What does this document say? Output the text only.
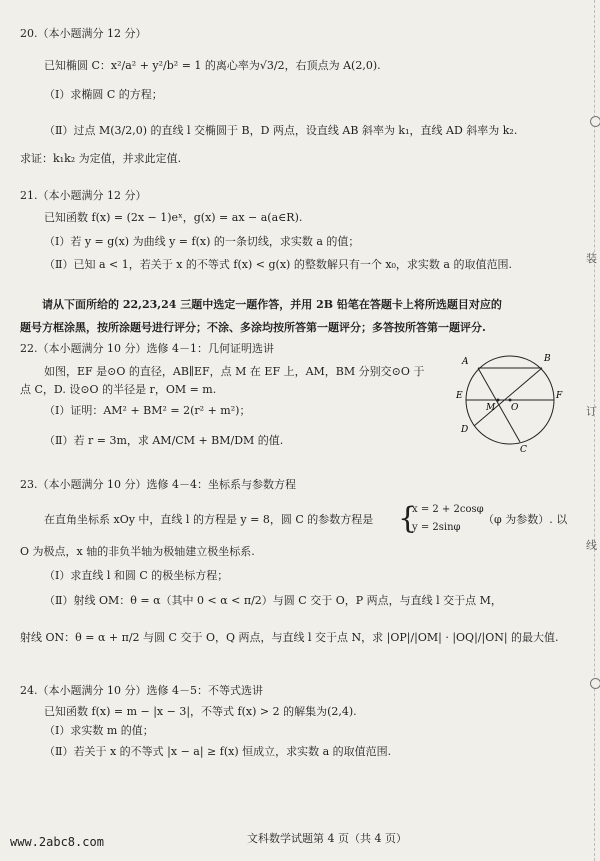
装
订
线
20.（本小题满分 12 分）
已知椭圆 C：x²/a² + y²/b² = 1 的离心率为√3/2，右顶点为 A(2,0).
（Ⅰ）求椭圆 C 的方程；
（Ⅱ）过点 M(3/2,0) 的直线 l 交椭圆于 B，D 两点，设直线 AB 斜率为 k₁，直线 AD 斜率为 k₂.
求证：k₁k₂ 为定值，并求此定值.
21.（本小题满分 12 分）
已知函数 f(x) = (2x − 1)eˣ，g(x) = ax − a(a∈R).
（Ⅰ）若 y = g(x) 为曲线 y = f(x) 的一条切线，求实数 a 的值；
（Ⅱ）已知 a < 1，若关于 x 的不等式 f(x) < g(x) 的整数解只有一个 x₀，求实数 a 的取值范围.
请从下面所给的 22,23,24 三题中选定一题作答，并用 2B 铅笔在答题卡上将所选题目对应的
题号方框涂黑，按所涂题号进行评分；不涂、多涂均按所答第一题评分；多答按所答第一题评分.
22.（本小题满分 10 分）选修 4－1：几何证明选讲
如图，EF 是⊙O 的直径，AB∥EF，点 M 在 EF 上，AM，BM 分别交⊙O 于
点 C，D. 设⊙O 的半径是 r，OM = m.
（Ⅰ）证明：AM² + BM² = 2(r² + m²)；
（Ⅱ）若 r = 3m，求 AM/CM + BM/DM 的值.
A	B
C
D
E	F
M O
23.（本小题满分 10 分）选修 4－4：坐标系与参数方程
在直角坐标系 xOy 中，直线 l 的方程是 y = 8，圆 C 的参数方程是 {
x = 2 + 2cosφ
y = 2sinφ
（φ 为参数）. 以
O 为极点，x 轴的非负半轴为极轴建立极坐标系.
（Ⅰ）求直线 l 和圆 C 的极坐标方程；
（Ⅱ）射线 OM：θ = α（其中 0 < α < π/2）与圆 C 交于 O，P 两点，与直线 l 交于点 M，
射线 ON：θ = α + π/2 与圆 C 交于 O，Q 两点，与直线 l 交于点 N，求 |OP|/|OM| · |OQ|/|ON| 的最大值.
24.（本小题满分 10 分）选修 4－5：不等式选讲
已知函数 f(x) = m − |x − 3|，不等式 f(x) > 2 的解集为(2,4).
（Ⅰ）求实数 m 的值；
（Ⅱ）若关于 x 的不等式 |x − a| ≥ f(x) 恒成立，求实数 a 的取值范围.
www.2abc8.com	文科数学试题第 4 页（共 4 页）
